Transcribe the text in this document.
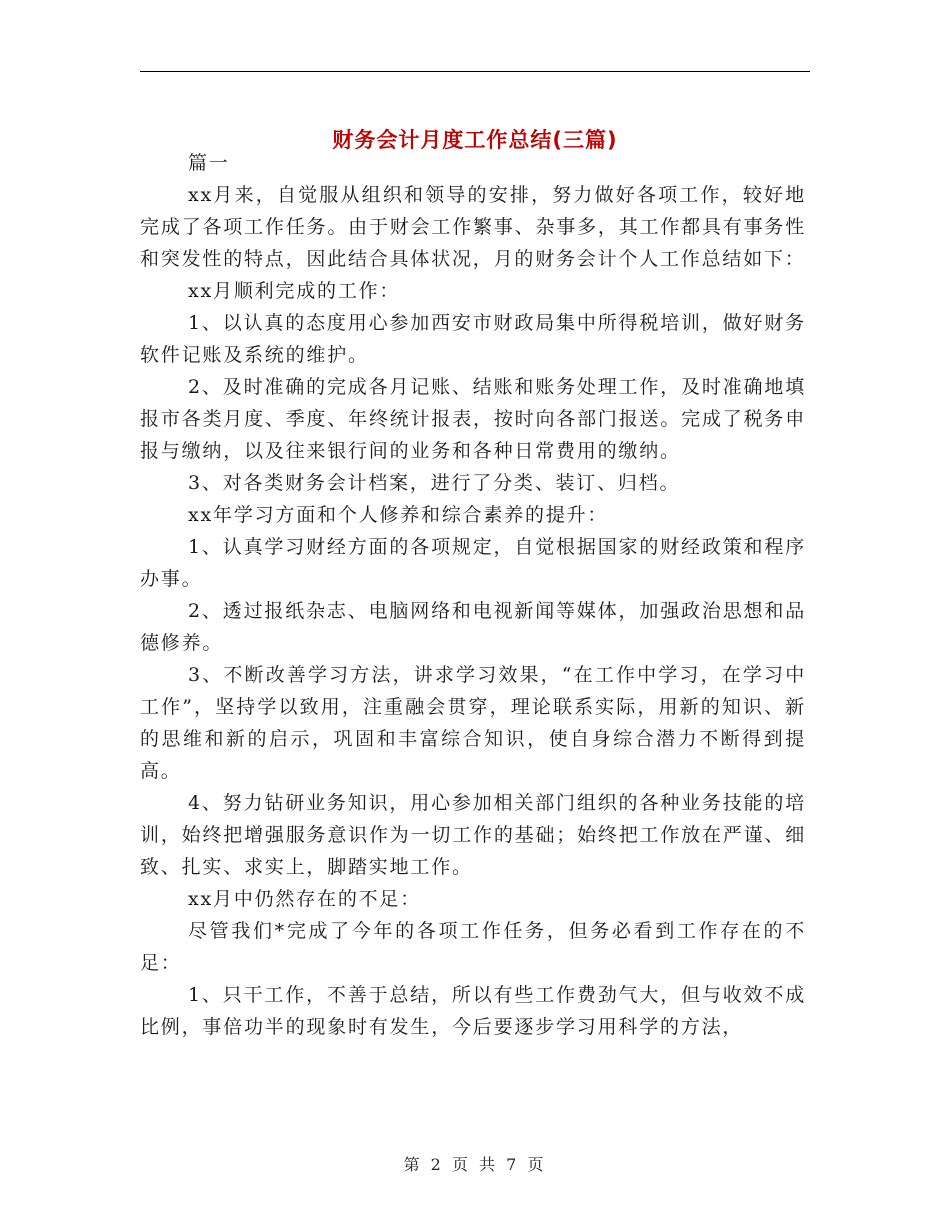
财务会计月度工作总结(三篇)

篇一

xx月来，自觉服从组织和领导的安排，努力做好各项工作，较好地完成了各项工作任务。由于财会工作繁事、杂事多，其工作都具有事务性和突发性的特点，因此结合具体状况，月的财务会计个人工作总结如下：

xx月顺利完成的工作：

1、以认真的态度用心参加西安市财政局集中所得税培训，做好财务软件记账及系统的维护。

2、及时准确的完成各月记账、结账和账务处理工作，及时准确地填报市各类月度、季度、年终统计报表，按时向各部门报送。完成了税务申报与缴纳，以及往来银行间的业务和各种日常费用的缴纳。

3、对各类财务会计档案，进行了分类、装订、归档。

xx年学习方面和个人修养和综合素养的提升：

1、认真学习财经方面的各项规定，自觉根据国家的财经政策和程序办事。

2、透过报纸杂志、电脑网络和电视新闻等媒体，加强政治思想和品德修养。

3、不断改善学习方法，讲求学习效果，“在工作中学习，在学习中工作”，坚持学以致用，注重融会贯穿，理论联系实际，用新的知识、新的思维和新的启示，巩固和丰富综合知识，使自身综合潜力不断得到提高。

4、努力钻研业务知识，用心参加相关部门组织的各种业务技能的培训，始终把增强服务意识作为一切工作的基础；始终把工作放在严谨、细致、扎实、求实上，脚踏实地工作。

xx月中仍然存在的不足：

尽管我们*完成了今年的各项工作任务，但务必看到工作存在的不足：

1、只干工作，不善于总结，所以有些工作费劲气大，但与收效不成比例，事倍功半的现象时有发生，今后要逐步学习用科学的方法，

第 2 页 共 7 页
